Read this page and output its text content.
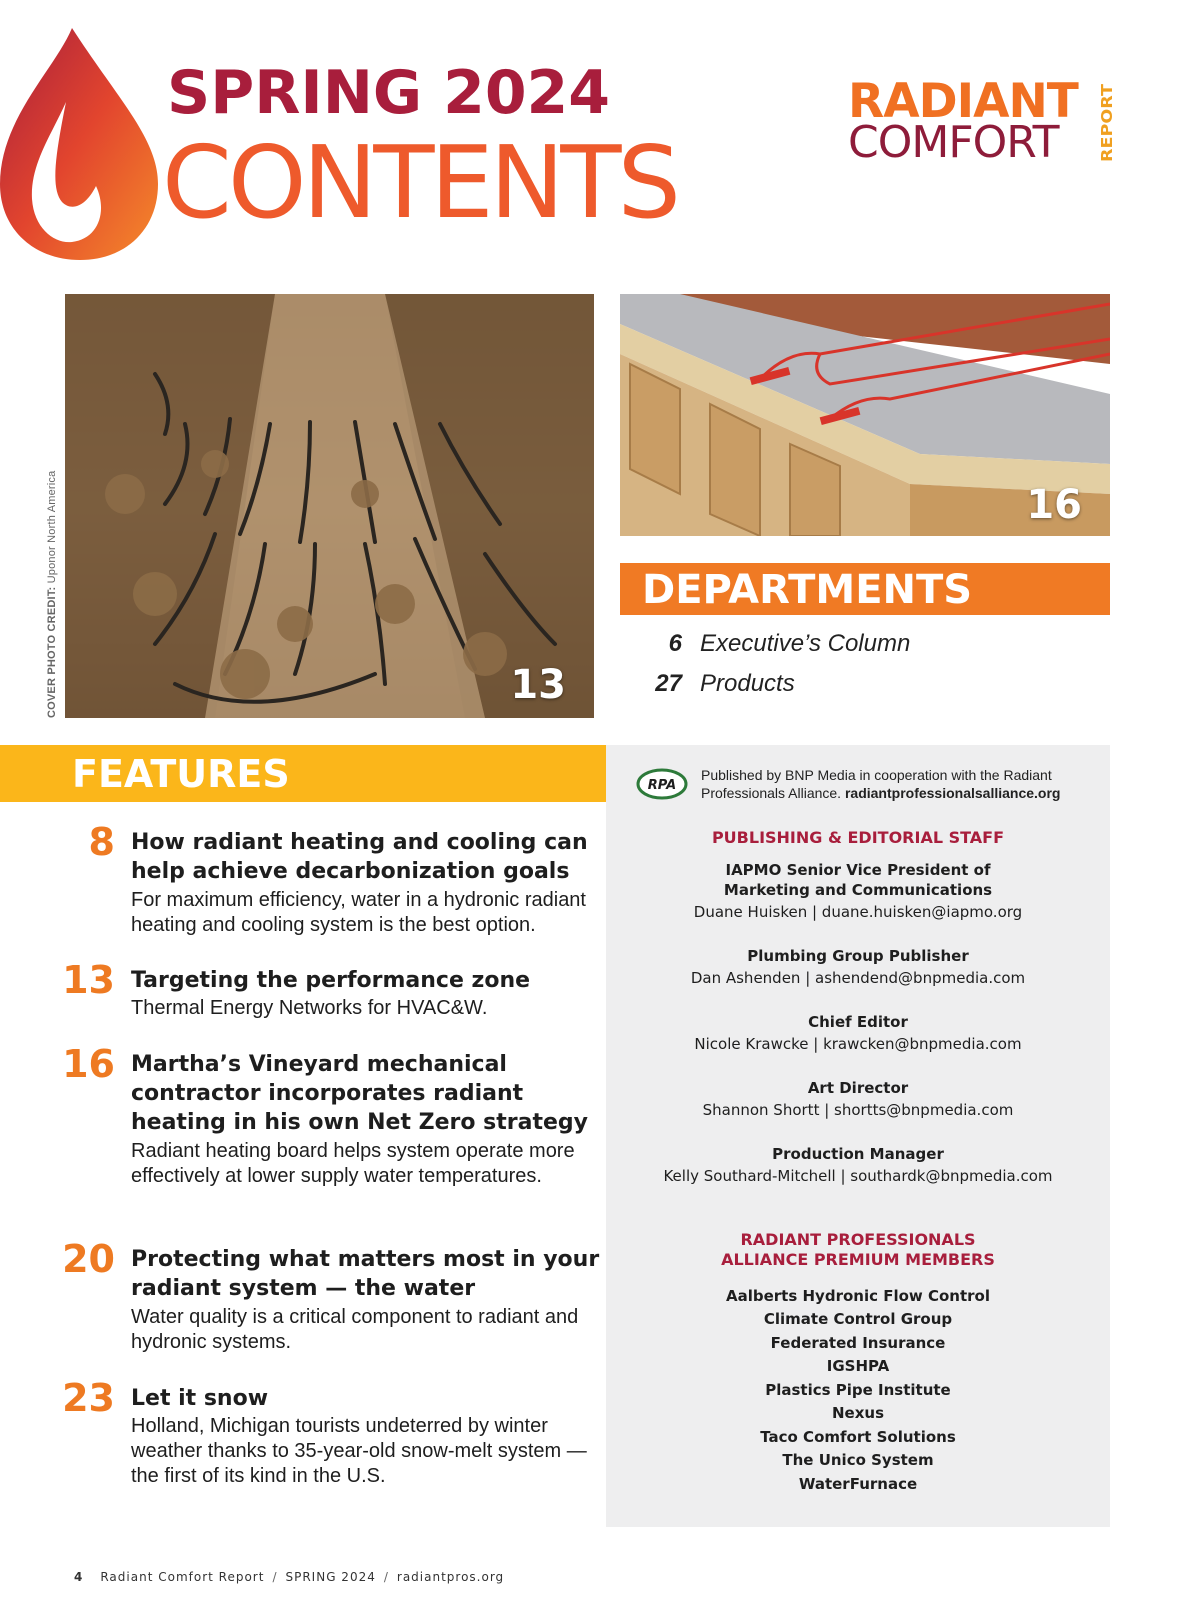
SPRING 2024
CONTENTS
RADIANT
COMFORT	REPORT
13
COVER PHOTO CREDIT: Uponor North America	16
DEPARTMENTS
6 Executive’s Column
27 Products
FEATURES
8 How radiant heating and cooling can help achieve decarbonization goals
For maximum efficiency, water in a hydronic radiant heating and cooling system is the best option.
13 Targeting the performance zone
Thermal Energy Networks for HVAC&W.
16 Martha’s Vineyard mechanical contractor incorporates radiant heating in his own Net Zero strategy
Radiant heating board helps system operate more effectively at lower supply water temperatures.
20 Protecting what matters most in your radiant system — the water
Water quality is a critical component to radiant and hydronic systems.
23 Let it snow
Holland, Michigan tourists undeterred by winter weather thanks to 35-year-old snow-melt system — the first of its kind in the U.S.
RPA
Published by BNP Media in cooperation with the Radiant Professionals Alliance. radiantprofessionalsalliance.org
PUBLISHING & EDITORIAL STAFF
IAPMO Senior Vice President of
Marketing and Communications
Duane Huisken | duane.huisken@iapmo.org
Plumbing Group Publisher
Dan Ashenden | ashendend@bnpmedia.com
Chief Editor
Nicole Krawcke | krawcken@bnpmedia.com
Art Director
Shannon Shortt | shortts@bnpmedia.com
Production Manager
Kelly Southard-Mitchell | southardk@bnpmedia.com
RADIANT PROFESSIONALS
ALLIANCE PREMIUM MEMBERS
Aalberts Hydronic Flow Control
Climate Control Group
Federated Insurance
IGSHPA
Plastics Pipe Institute
Nexus
Taco Comfort Solutions
The Unico System
WaterFurnace
4 Radiant Comfort Report / SPRING 2024 / radiantpros.org
